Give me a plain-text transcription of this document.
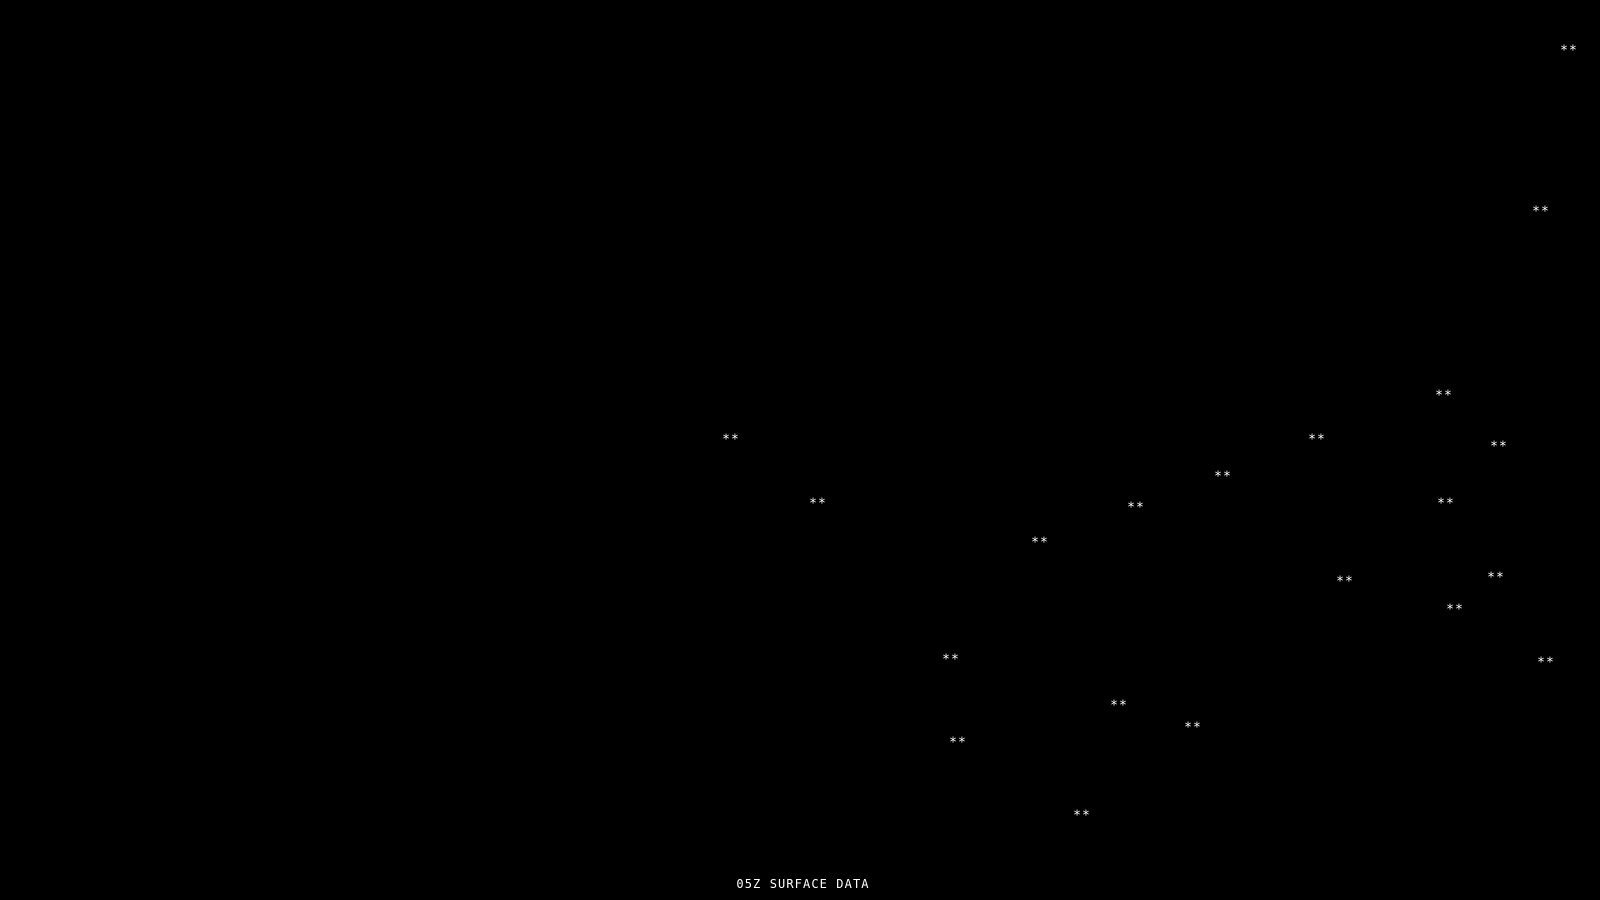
**
**
**
**	**
**
**
**	**	**
**
**	**
**
**	**
**
**
**
**
05Z SURFACE DATA
